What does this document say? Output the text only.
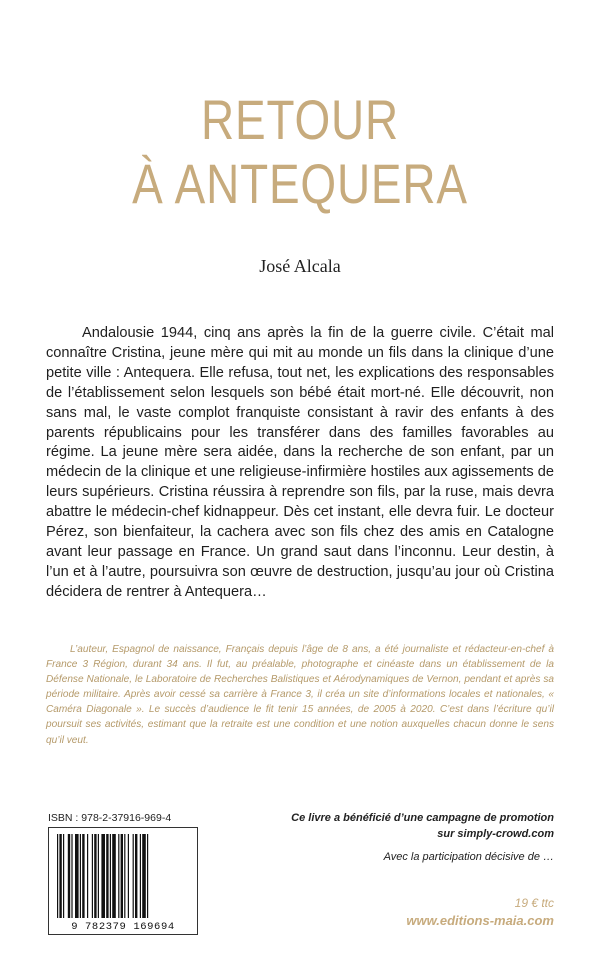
RETOUR
À ANTEQUERA
José Alcala

Andalousie 1944, cinq ans après la fin de la guerre civile. C’était mal connaître Cristina, jeune mère qui mit au monde un fils dans la clinique d’une petite ville : Antequera. Elle refusa, tout net, les explications des responsables de l’établissement selon lesquels son bébé était mort-né. Elle découvrit, non sans mal, le vaste complot franquiste consistant à ravir des enfants à des parents républicains pour les transférer dans des familles favorables au régime. La jeune mère sera aidée, dans la recherche de son enfant, par un médecin de la clinique et une religieuse-infirmière hostiles aux agissements de leurs supérieurs. Cristina réussira à reprendre son fils, par la ruse, mais devra abattre le médecin-chef kidnappeur. Dès cet instant, elle devra fuir. Le docteur Pérez, son bienfaiteur, la cachera avec son fils chez des amis en Catalogne avant leur passage en France. Un grand saut dans l’inconnu. Leur destin, à l’un et à l’autre, poursuivra son œuvre de destruction, jusqu’au jour où Cristina décidera de rentrer à Antequera…

L’auteur, Espagnol de naissance, Français depuis l’âge de 8 ans, a été journaliste et rédacteur-en-chef à France 3 Région, durant 34 ans. Il fut, au préalable, photographe et cinéaste dans un établissement de la Défense Nationale, le Laboratoire de Recherches Balistiques et Aérodynamiques de Vernon, pendant et après sa période militaire. Après avoir cessé sa carrière à France 3, il créa un site d’informations locales et nationales, « Caméra Diagonale ». Le succès d’audience le fit tenir 15 années, de 2005 à 2020. C’est dans l’écriture qu’il poursuit ses activités, estimant que la retraite est une condition et une notion auxquelles chacun donne le sens qu’il veut.

ISBN : 978-2-37916-969-4
9 782379 169694
Ce livre a bénéficié d’une campagne de promotion
sur simply-crowd.com
Avec la participation décisive de …
19 € ttc
www.editions-maia.com
